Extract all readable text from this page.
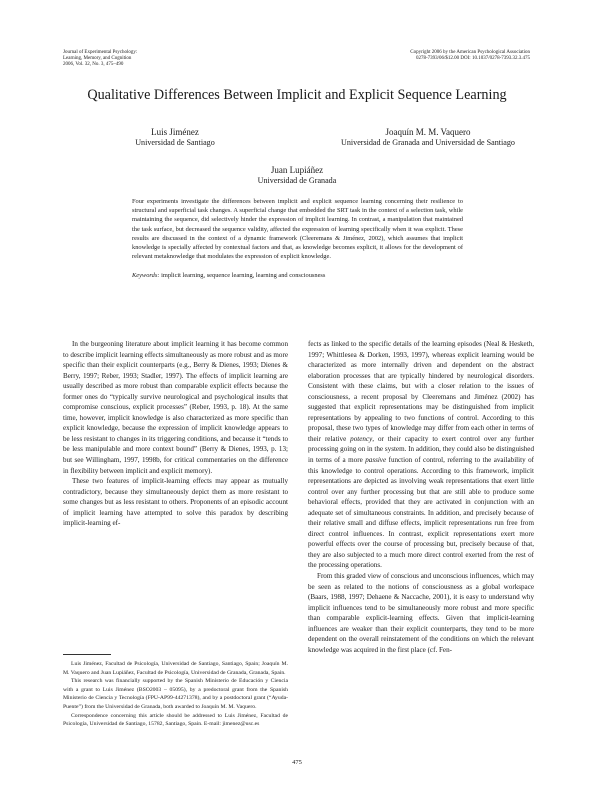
Journal of Experimental Psychology:
Learning, Memory, and Cognition
2006, Vol. 32, No. 3, 475–490
Copyright 2006 by the American Psychological Association
0278-7393/06/$12.00 DOI: 10.1037/0278-7393.32.3.475
Qualitative Differences Between Implicit and Explicit Sequence Learning
Luis Jiménez
Universidad de Santiago
Joaquín M. M. Vaquero
Universidad de Granada and Universidad de Santiago
Juan Lupiáñez
Universidad de Granada
Four experiments investigate the differences between implicit and explicit sequence learning concerning their resilience to structural and superficial task changes. A superficial change that embedded the SRT task in the context of a selection task, while maintaining the sequence, did selectively hinder the expression of implicit learning. In contrast, a manipulation that maintained the task surface, but decreased the sequence validity, affected the expression of learning specifically when it was explicit. These results are discussed in the context of a dynamic framework (Cleeremans & Jiménez, 2002), which assumes that implicit knowledge is specially affected by contextual factors and that, as knowledge becomes explicit, it allows for the development of relevant metaknowledge that modulates the expression of explicit knowledge.
Keywords: implicit learning, sequence learning, learning and consciousness

In the burgeoning literature about implicit learning it has become common to describe implicit learning effects simultaneously as more robust and as more specific than their explicit counterparts (e.g., Berry & Dienes, 1993; Dienes & Berry, 1997; Reber, 1993; Stadler, 1997). The effects of implicit learning are usually described as more robust than comparable explicit effects because the former ones do “typically survive neurological and psychological insults that compromise conscious, explicit processes” (Reber, 1993, p. 18). At the same time, however, implicit knowledge is also characterized as more specific than explicit knowledge, because the expression of implicit knowledge appears to be less resistant to changes in its triggering conditions, and because it “tends to be less manipulable and more context bound” (Berry & Dienes, 1993, p. 13; but see Willingham, 1997, 1998b, for critical commentaries on the difference in flexibility between implicit and explicit memory).

These two features of implicit-learning effects may appear as mutually contradictory, because they simultaneously depict them as more resistant to some changes but as less resistant to others. Proponents of an episodic account of implicit learning have attempted to solve this paradox by describing implicit-learning ef-

fects as linked to the specific details of the learning episodes (Neal & Hesketh, 1997; Whittlesea & Dorken, 1993, 1997), whereas explicit learning would be characterized as more internally driven and dependent on the abstract elaboration processes that are typically hindered by neurological disorders. Consistent with these claims, but with a closer relation to the issues of consciousness, a recent proposal by Cleeremans and Jiménez (2002) has suggested that explicit representations may be distinguished from implicit representations by appealing to two functions of control. According to this proposal, these two types of knowledge may differ from each other in terms of their relative potency, or their capacity to exert control over any further processing going on in the system. In addition, they could also be distinguished in terms of a more passive function of control, referring to the availability of this knowledge to control operations. According to this framework, implicit representations are depicted as involving weak representations that exert little control over any further processing but that are still able to produce some behavioral effects, provided that they are activated in conjunction with an adequate set of simultaneous constraints. In addition, and precisely because of their relative small and diffuse effects, implicit representations run free from direct control influences. In contrast, explicit representations exert more powerful effects over the course of processing but, precisely because of that, they are also subjected to a much more direct control exerted from the rest of the processing operations.

From this graded view of conscious and unconscious influences, which may be seen as related to the notions of consciousness as a global workspace (Baars, 1988, 1997; Dehaene & Naccache, 2001), it is easy to understand why implicit influences tend to be simultaneously more robust and more specific than comparable explicit-learning effects. Given that implicit-learning influences are weaker than their explicit counterparts, they tend to be more dependent on the overall reinstatement of the conditions on which the relevant knowledge was acquired in the first place (cf. Fen-

Luis Jiménez, Facultad de Psicología, Universidad de Santiago, Santiago, Spain; Joaquín M. M. Vaquero and Juan Lupiáñez, Facultad de Psicología, Universidad de Granada, Granada, Spain.

This research was financially supported by the Spanish Ministerio de Educación y Ciencia with a grant to Luis Jiménez (BSO2003 – 05095), by a predoctoral grant from the Spanish Ministerio de Ciencia y Tecnología (FPU-AP99-44271378), and by a postdoctoral grant (“Ayuda-Puente”) from the Universidad de Granada, both awarded to Joaquín M. M. Vaquero.

Correspondence concerning this article should be addressed to Luis Jiménez, Facultad de Psicología, Universidad de Santiago, 15782, Santiago, Spain. E-mail: jimenez@usc.es

475
